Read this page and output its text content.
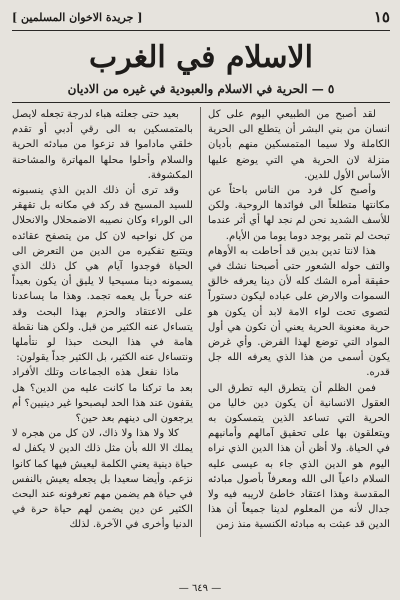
١٥
[ جريدة الاخوان المسلمين ]
الاسلام في الغرب
٥ — الحرية في الاسلام والعبودية في غيره من الاديان

لقد أصبح من الطبيعي اليوم على كل انسان من بني البشر أن يتطلع الى الحرية الكاملة ولا سيما المتمسكين منهم بأديان منزلة لان الحرية هي التي يوضع عليها الأساس الأول للدين.

وأصبح كل فرد من الناس باحثاً عن مكانتها متطلعاً الى فوائدها الروحية. ولكن للأسف الشديد نحن لم نجد لها أي أثر عندما تبحث لم نثمر يوجد دوما يوما من الأيام.

هذا لانتا تدين بدين قد أحاطت به الأوهام والتف حوله الشعور حتى أصبحنا نشك في حقيقة أمره الشك كله لأن دينا يعرفه خالق السموات والارض على عباده ليكون دستوراً لتصوى تحت لواء الامة لابد أن يكون هو حرية معنوية الحرية يعني أن تكون هي أول المواد التي توضع لهذا الفرض. وأي غرض يكون أسمى من هذا الذي يعرفه الله جل قدره.

فمن الظلم أن يتطرق اليه تطرق الى العقول الانسانية أن يكون دين خاليا من الحرية التي تساعد الذين يتمسكون به ويتعلقون بها على تحقيق آمالهم وأمانيهم في الحياة. ولا أظن أن هذا الدين الذي نراه اليوم هو الدين الذي جاء به عيسى عليه السلام داعياً الى الله ومعرفاً بأصول مبادئه المقدسة وهذا اعتقاد خاطئ لاريبه فيه ولا جدال لأنه من المعلوم لدينا جميعاً أن هذا الدين قد عبثت به مبادئه الكنسية منذ زمن

بعيد حتى جعلته هباء لدرجة تجعله لايصل بالمتمسكين به الى رقي أدبي أو تقدم خلقي ماداموا قد تزعوا من مبادئه الحرية والسلام وأحلوا محلها المهاترة والمشاحنة المكشوفة.

وقد ترى أن ذلك الدين الذي ينسبونه للسيد المسيح قد ركد في مكانه بل تقهقر الى الوراء وكان نصيبه الاضمحلال والانحلال من كل نواحيه لان كل من يتصفح عقائده ويتتبع تفكيره من الدين من التعرض الى الحياة فوجدوا آيام هي كل ذلك الذي يسمونه دينا مسيحيا لا يليق أن يكون بعيداً عنه حرباً بل يعمه تجمد. وهذا ما يساعدنا على الاعتقاد والحزم بهذا البحث وقد يتساءل عنه الكثير من قبل. ولكن هنا نقطة هامة في هذا البحث حبذا لو نتأملها ونتساءل عنه الكثير، بل الكثير جداً يقولون:

ماذا نفعل هذه الجماعات وتلك الأفراد بعد ما تركنا ما كانت عليه من الدين؟ هل يقفون عند هذا الحد ليصبحوا غير دينيين؟ أم يرجعون الى دينهم بعد حين؟

كلا ولا هذا ولا ذاك، لان كل من هجره لا يملك الا الله بأن مثل ذلك الدين لا يكفل له حياة دينية يعني الكلمة ليعيش فيها كما كانوا نزعم. وأيضا سعيدا بل يجعله يعيش بالنفس في حياة هم يضمن مهم تعرفونه عند البحث الكثير عن دين يضمن لهم حياة حرة في الدنيا وأخرى في الآخرة. لذلك

— ٦٤٩ —
